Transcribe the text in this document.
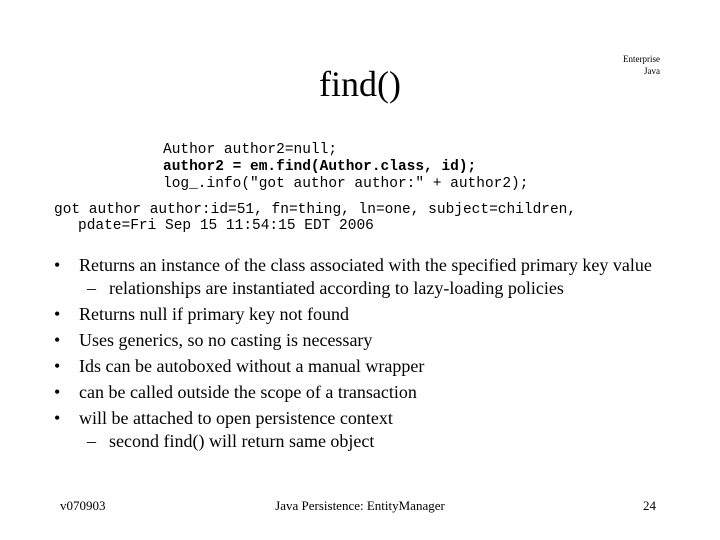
find()
Enterprise
Java
Author author2=null;
author2 = em.find(Author.class, id);
log_.info("got author author:" + author2);
got author author:id=51, fn=thing, ln=one, subject=children,
pdate=Fri Sep 15 11:54:15 EDT 2006
• Returns an instance of the class associated with the specified primary key value
– relationships are instantiated according to lazy-loading policies
• Returns null if primary key not found
• Uses generics, so no casting is necessary
• Ids can be autoboxed without a manual wrapper
• can be called outside the scope of a transaction
• will be attached to open persistence context
– second find() will return same object
v070903	Java Persistence: EntityManager	24
